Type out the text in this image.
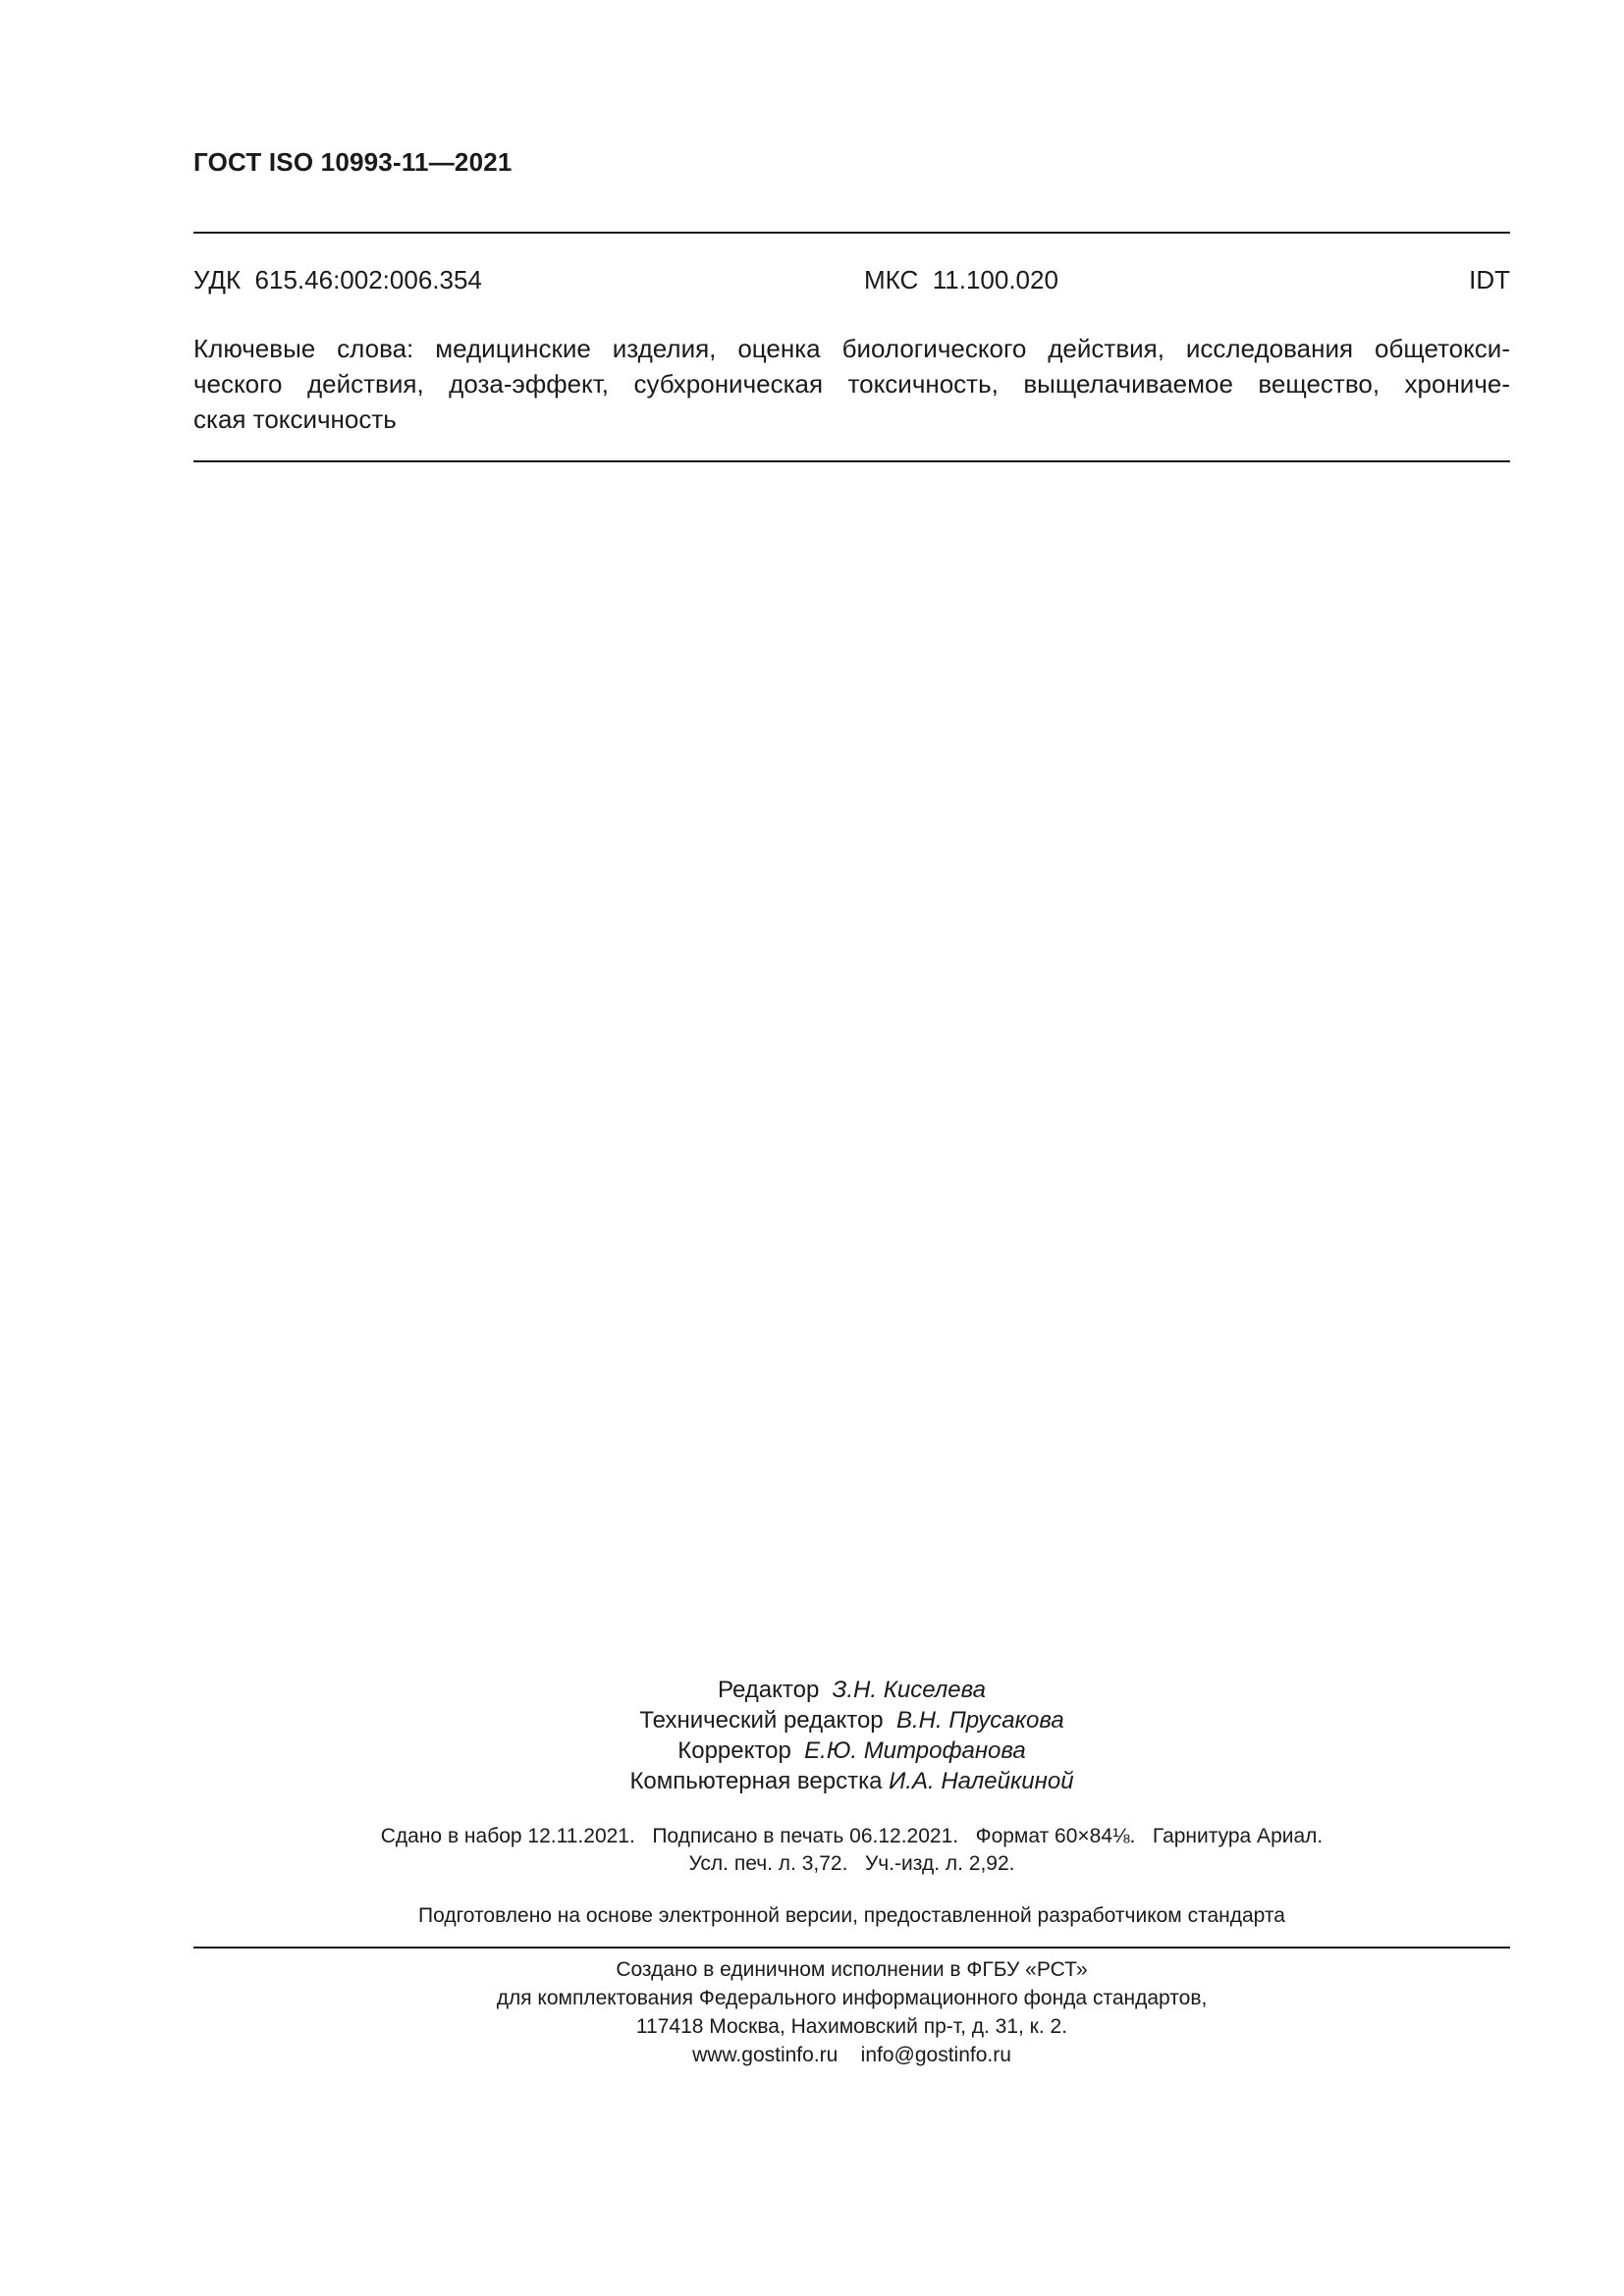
ГОСТ ISO 10993-11—2021
УДК  615.46:002:006.354	МКС  11.100.020	IDT
Ключевые слова: медицинские изделия, оценка биологического действия, исследования общетокси-
ческого действия, доза-эффект, субхроническая токсичность, выщелачиваемое вещество, хрониче-
ская токсичность
Редактор З.Н. Киселева
Технический редактор В.Н. Прусакова
Корректор Е.Ю. Митрофанова
Компьютерная верстка И.А. Налейкиной
Сдано в набор 12.11.2021.   Подписано в печать 06.12.2021.   Формат 60×84⅛.   Гарнитура Ариал.
Усл. печ. л. 3,72.   Уч.-изд. л. 2,92.
Подготовлено на основе электронной версии, предоставленной разработчиком стандарта
Создано в единичном исполнении в ФГБУ «РСТ»
для комплектования Федерального информационного фонда стандартов,
117418 Москва, Нахимовский пр-т, д. 31, к. 2.
www.gostinfo.ru    info@gostinfo.ru
